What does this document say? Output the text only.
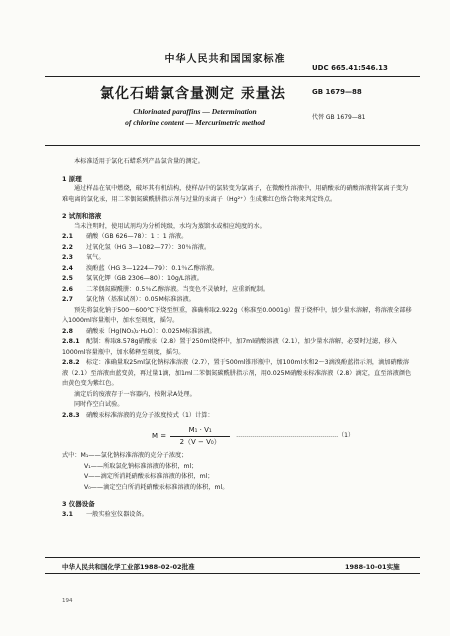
中华人民共和国国家标准
UDC 665.41:546.13
氯化石蜡氯含量测定 汞量法	GB 1679—88
Chlorinated paraffins — Determination
of chlorine content — Mercurimetric method
代替 GB 1679—81
本标准适用于氯化石蜡系列产品氯含量的测定。
1 原理
通过样品在氧中燃烧，破坏其有机结构，使样品中的氯转变为氯离子，在微酸性溶液中，用硝酸汞的硝酸溶液将氯离子变为难电离的氯化汞，用二苯偶氮碳酰肼指示剂与过量的汞离子（Hg²⁺）生成紫红色络合物来判定终点。
2 试剂和溶液
当未注明时，使用试剂均为分析纯级，水均为蒸馏水或相应纯度的水。
2.1 硝酸（GB 626—78）：1 ：1 溶液。
2.2 过氧化氢（HG 3—1082—77）：30％溶液。
2.3 氧气。
2.4 溴酚蓝（HG 3—1224—79）：0.1％乙醇溶液。
2.5 氢氧化钾（GB 2306—80）：10g/L溶液。
2.6 二苯偶氮碳酰肼：0.5％乙醇溶液。当变色不灵敏时，应重新配制。
2.7 氯化钠（基准试剂）：0.05M标准溶液。
预先将氯化钠于500～600℃下烧至恒重，准确称取2.922g（称准至0.0001g）置于烧杯中，加少量水溶解，将溶液全部移入1000ml容量瓶中，加水至刻度，摇匀。
2.8 硝酸汞〔Hg(NO₃)₂·H₂O〕：0.025M标准溶液。
2.8.1 配制：称取8.578g硝酸汞（2.8）置于250ml烧杯中，加7ml硝酸溶液（2.1），加少量水溶解，必要时过滤，移入1000ml容量瓶中，加水稀释至刻度，摇匀。
2.8.2 标定：准确量取25ml氯化钠标准溶液（2.7），置于500ml锥形瓶中，加100ml水和2～3滴溴酚蓝指示剂，滴加硝酸溶液（2.1）至溶液由蓝变黄，再过量1滴，加1ml二苯偶氮碳酰肼指示剂，用0.025M硝酸汞标准溶液（2.8）滴定，直至溶液颜色由黄色变为紫红色。
滴定后的废液存于一容器内，按附录A处理。
同时作空白试验。
2.8.3 硝酸汞标准溶液的克分子浓度按式（1）计算：
M =
M₁ · V₁
2（V − V₀）
……………………………………………（1）
式中：M₁——氯化钠标准溶液的克分子浓度；
V₁——所取氯化钠标准溶液的体积，ml；
V——滴定所消耗硝酸汞标准溶液的体积，ml；
V₀——滴定空白所消耗硝酸汞标准溶液的体积，ml。
3 仪器设备
3.1 一般实验室仪器设备。
中华人民共和国化学工业部1988-02-02批准	1988-10-01实施
194
